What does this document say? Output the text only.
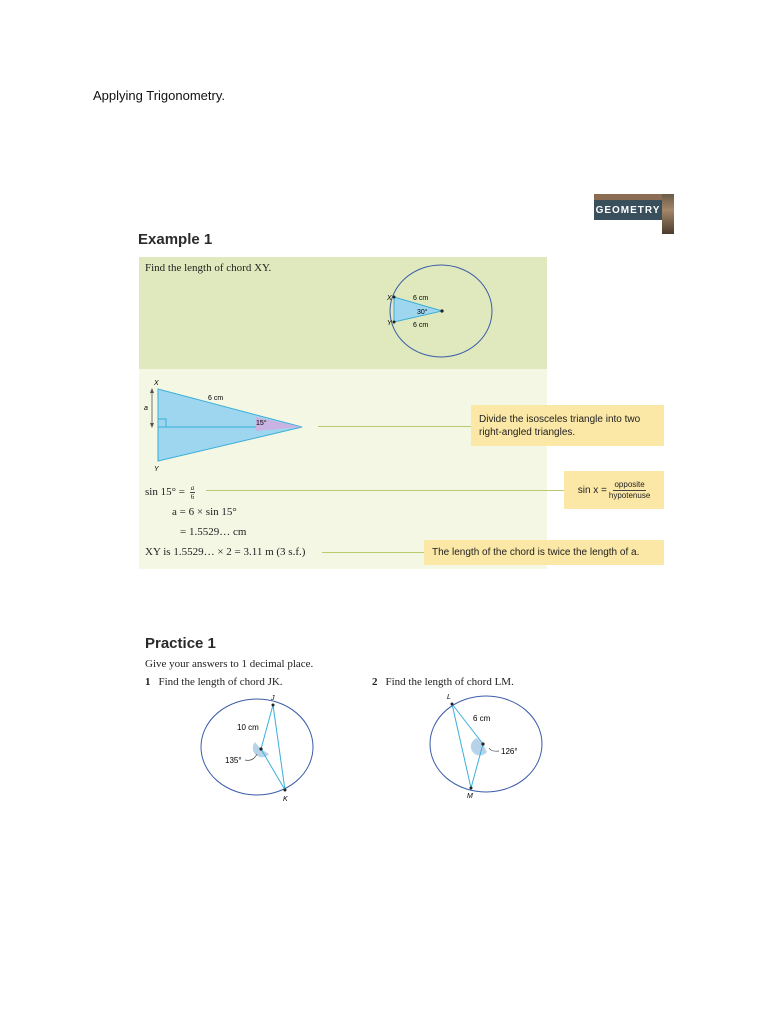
Applying Trigonometry.
GEOMETRY
Example 1
Find the length of chord XY.
X
Y
6 cm
30°
6 cm
X
Y
a
6 cm
15°	Divide the isosceles triangle into two right-angled triangles.
$\sin 15^\circ = \frac{a}{6}$	$\sin x = \frac{\text{opposite}}{\text{hypotenuse}}$
a = 6 × sin 15°
= 1.5529… cm
XY is 1.5529… × 2 = 3.11 m (3 s.f.)	The length of the chord is twice the length of a.
Practice 1
Give your answers to 1 decimal place.
1 Find the length of chord JK.	2 Find the length of chord LM.
J
K
10 cm
135°
L
M
6 cm
126°
